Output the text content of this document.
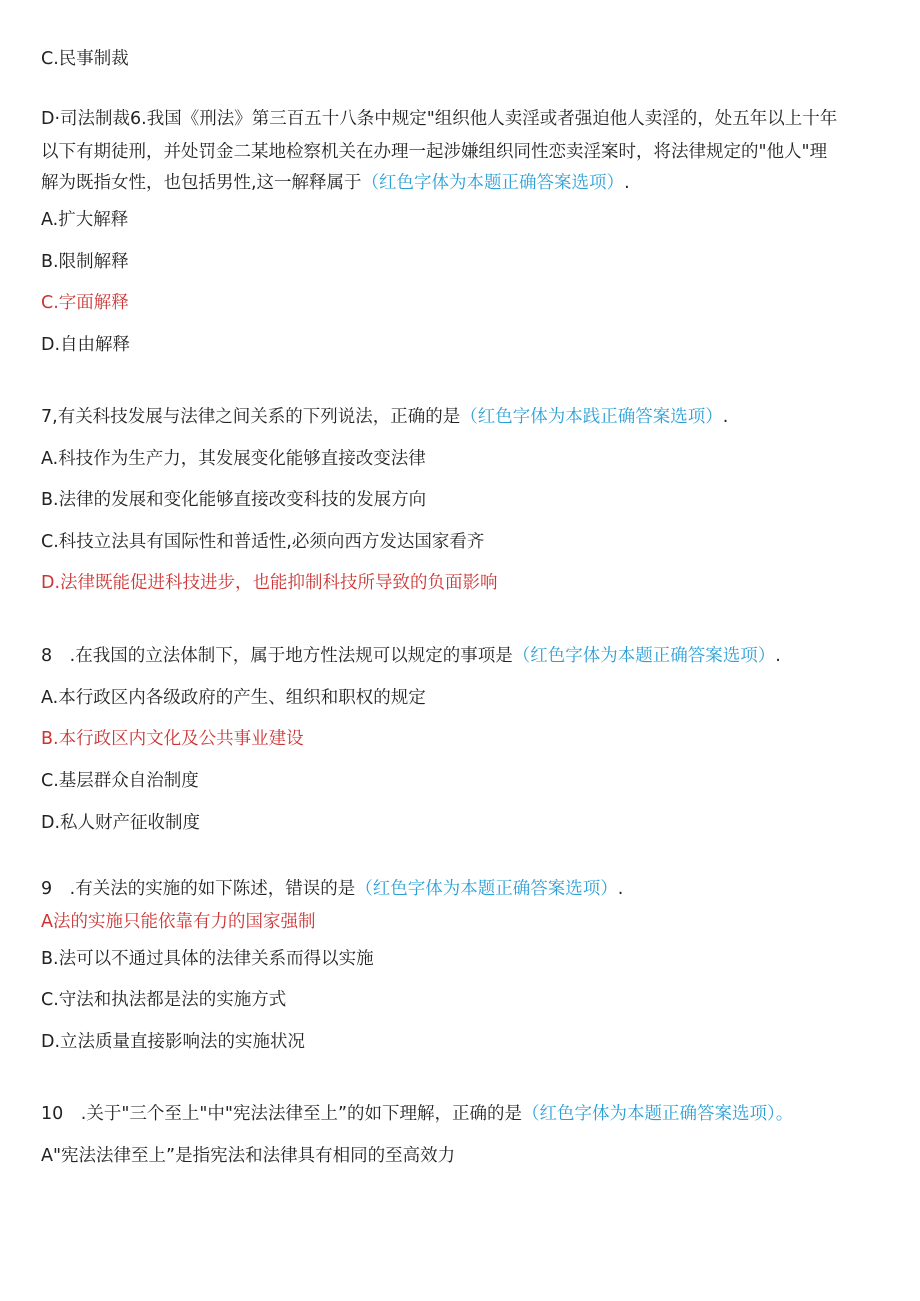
C.民事制裁
D·司法制裁6.我国《刑法》第三百五十八条中规定"组织他人卖淫或者强迫他人卖淫的，处五年以上十年
以下有期徒刑，并处罚金二某地检察机关在办理一起涉嫌组织同性恋卖淫案时，将法律规定的"他人"理
解为既指女性，也包括男性,这一解释属于（红色字体为本题正确答案选项）.
A.扩大解释
B.限制解释
C.字面解释
D.自由解释
7,有关科技发展与法律之间关系的下列说法，正确的是（红色字体为本践正确答案选项）.
A.科技作为生产力，其发展变化能够直接改变法律
B.法律的发展和变化能够直接改变科技的发展方向
C.科技立法具有国际性和普适性,必须向西方发达国家看齐
D.法律既能促进科技进步，也能抑制科技所导致的负面影响
8 .在我国的立法体制下，属于地方性法规可以规定的事项是（红色字体为本题正确答案选项）.
A.本行政区内各级政府的产生、组织和职权的规定
B.本行政区内文化及公共事业建设
C.基层群众自治制度
D.私人财产征收制度
9 .有关法的实施的如下陈述，错误的是（红色字体为本题正确答案选项）.
A法的实施只能依靠有力的国家强制
B.法可以不通过具体的法律关系而得以实施
C.守法和执法都是法的实施方式
D.立法质量直接影响法的实施状况
10 .关于"三个至上"中"宪法法律至上”的如下理解，正确的是（红色字体为本题正确答案选项）。
A"宪法法律至上”是指宪法和法律具有相同的至高效力
